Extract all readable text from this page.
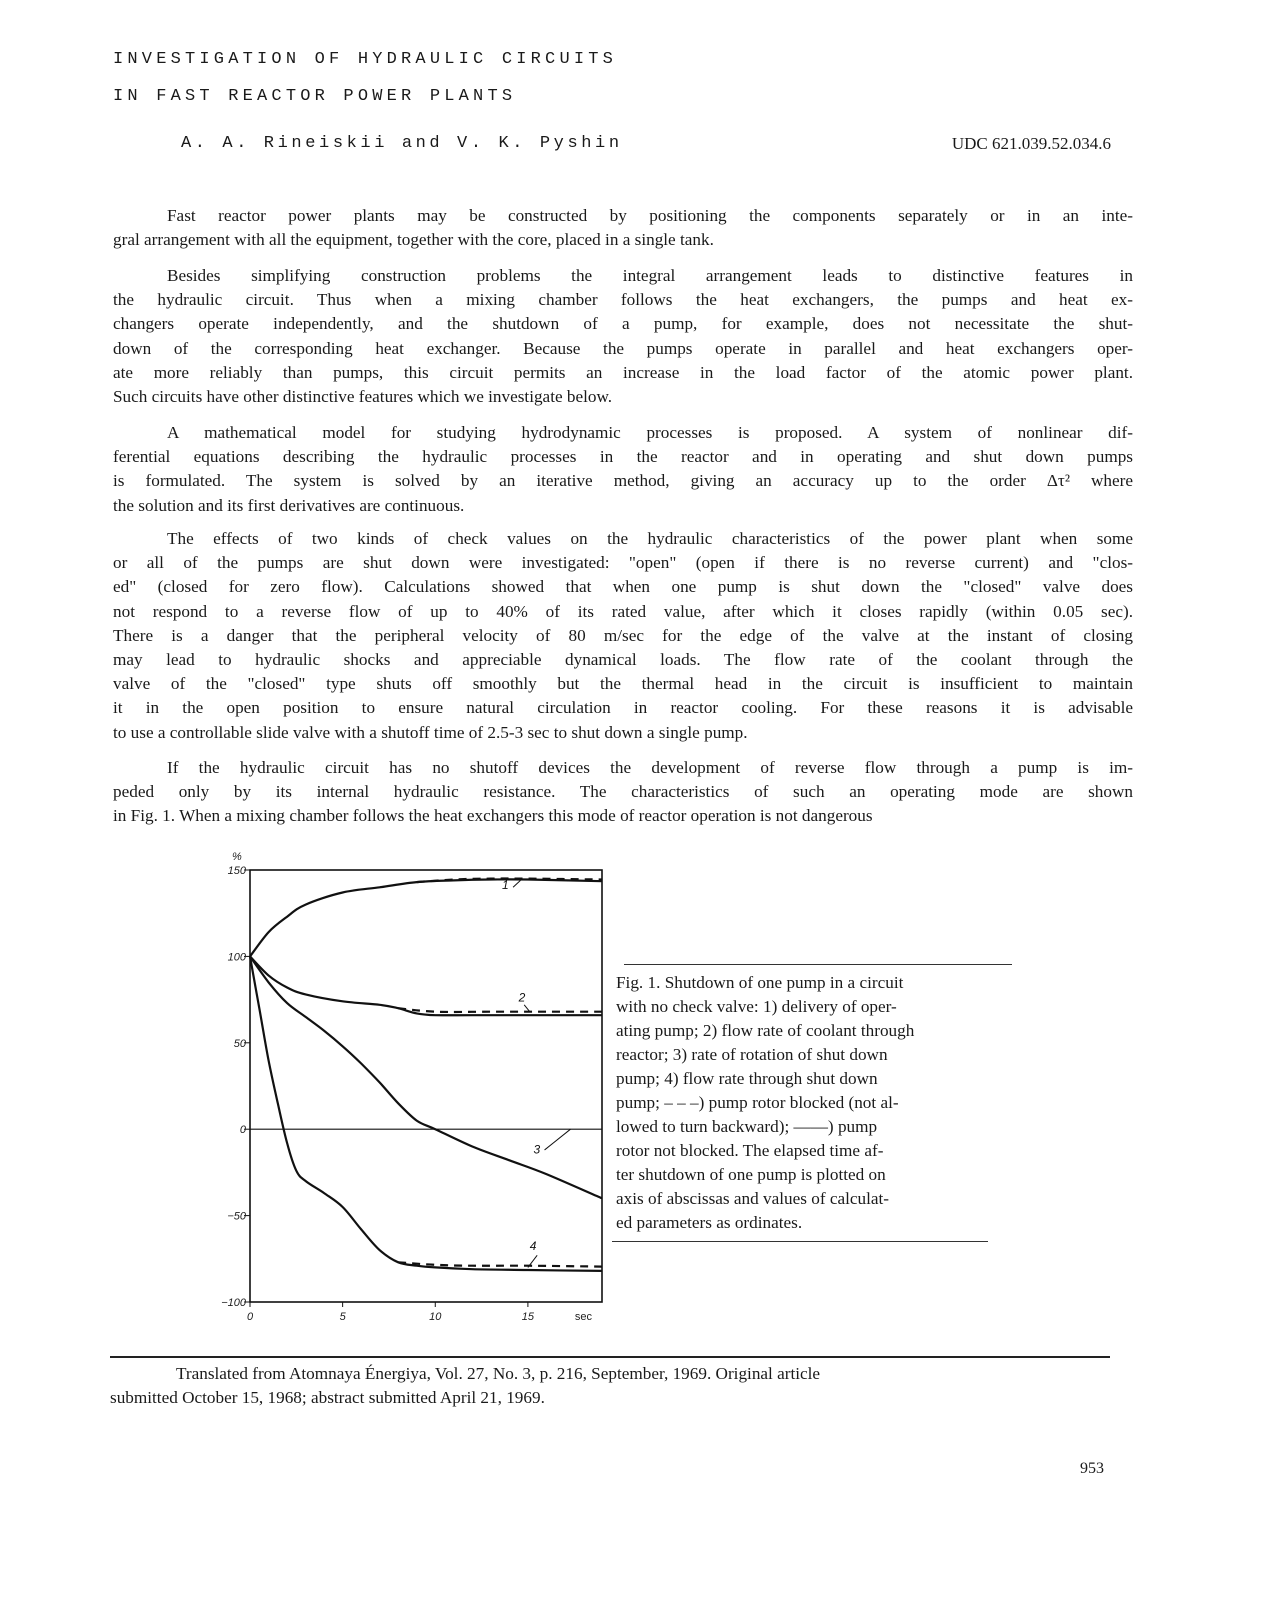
INVESTIGATION OF HYDRAULIC CIRCUITS
IN FAST REACTOR POWER PLANTS
A. A. Rineiskii and V. K. Pyshin	UDC 621.039.52.034.6
Fast reactor power plants may be constructed by positioning the components separately or in an inte-
gral arrangement with all the equipment, together with the core, placed in a single tank.
Besides simplifying construction problems the integral arrangement leads to distinctive features in
the hydraulic circuit. Thus when a mixing chamber follows the heat exchangers, the pumps and heat ex-
changers operate independently, and the shutdown of a pump, for example, does not necessitate the shut-
down of the corresponding heat exchanger. Because the pumps operate in parallel and heat exchangers oper-
ate more reliably than pumps, this circuit permits an increase in the load factor of the atomic power plant.
Such circuits have other distinctive features which we investigate below.
A mathematical model for studying hydrodynamic processes is proposed. A system of nonlinear dif-
ferential equations describing the hydraulic processes in the reactor and in operating and shut down pumps
is formulated. The system is solved by an iterative method, giving an accuracy up to the order Δτ² where
the solution and its first derivatives are continuous.
The effects of two kinds of check values on the hydraulic characteristics of the power plant when some
or all of the pumps are shut down were investigated: "open" (open if there is no reverse current) and "clos-
ed" (closed for zero flow). Calculations showed that when one pump is shut down the "closed" valve does
not respond to a reverse flow of up to 40% of its rated value, after which it closes rapidly (within 0.05 sec).
There is a danger that the peripheral velocity of 80 m/sec for the edge of the valve at the instant of closing
may lead to hydraulic shocks and appreciable dynamical loads. The flow rate of the coolant through the
valve of the "closed" type shuts off smoothly but the thermal head in the circuit is insufficient to maintain
it in the open position to ensure natural circulation in reactor cooling. For these reasons it is advisable
to use a controllable slide valve with a shutoff time of 2.5-3 sec to shut down a single pump.
If the hydraulic circuit has no shutoff devices the development of reverse flow through a pump is im-
peded only by its internal hydraulic resistance. The characteristics of such an operating mode are shown
in Fig. 1. When a mixing chamber follows the heat exchangers this mode of reactor operation is not dangerous
150
100
50
0
−50
−100
%
0	5	10	15	sec
1
2
3
4
Fig. 1. Shutdown of one pump in a circuit
with no check valve: 1) delivery of oper-
ating pump; 2) flow rate of coolant through
reactor; 3) rate of rotation of shut down
pump; 4) flow rate through shut down
pump; – – –) pump rotor blocked (not al-
lowed to turn backward); ——) pump
rotor not blocked. The elapsed time af-
ter shutdown of one pump is plotted on
axis of abscissas and values of calculat-
ed parameters as ordinates.
Translated from Atomnaya Énergiya, Vol. 27, No. 3, p. 216, September, 1969. Original article
submitted October 15, 1968; abstract submitted April 21, 1969.
953
